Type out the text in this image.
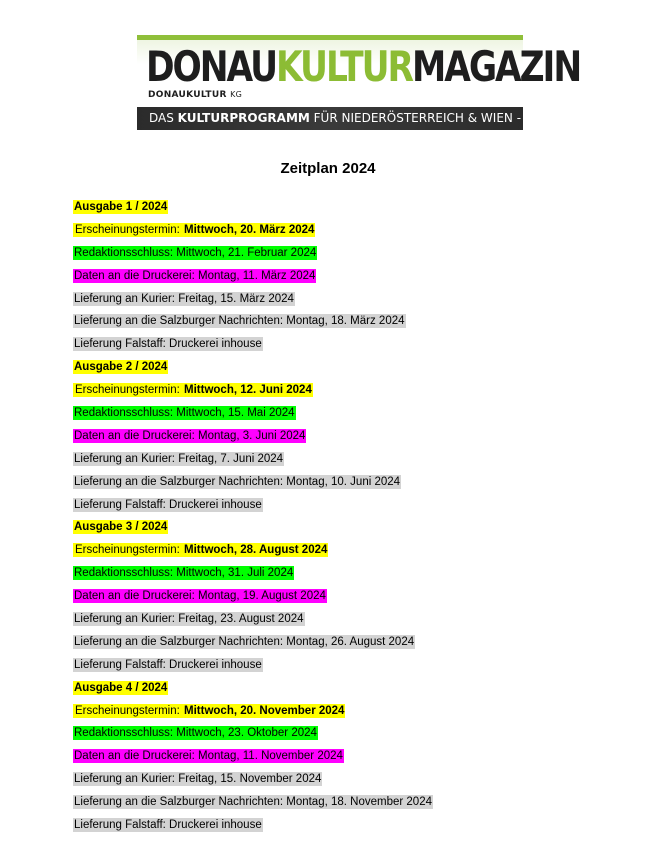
DONAUKULTURMAGAZIN
DONAUKULTUR KG
DAS KULTURPROGRAMM FÜR NIEDERÖSTERREICH & WIEN -
Zeitplan 2024
Ausgabe 1 / 2024
Erscheinungstermin: Mittwoch, 20. März 2024
Redaktionsschluss: Mittwoch, 21. Februar 2024
Daten an die Druckerei: Montag, 11. März 2024
Lieferung an Kurier: Freitag, 15. März 2024
Lieferung an die Salzburger Nachrichten: Montag, 18. März 2024
Lieferung Falstaff: Druckerei inhouse
Ausgabe 2 / 2024
Erscheinungstermin: Mittwoch, 12. Juni 2024
Redaktionsschluss: Mittwoch, 15. Mai 2024
Daten an die Druckerei: Montag, 3. Juni 2024
Lieferung an Kurier: Freitag, 7. Juni 2024
Lieferung an die Salzburger Nachrichten: Montag, 10. Juni 2024
Lieferung Falstaff: Druckerei inhouse
Ausgabe 3 / 2024
Erscheinungstermin: Mittwoch, 28. August 2024
Redaktionsschluss: Mittwoch, 31. Juli 2024
Daten an die Druckerei: Montag, 19. August 2024
Lieferung an Kurier: Freitag, 23. August 2024
Lieferung an die Salzburger Nachrichten: Montag, 26. August 2024
Lieferung Falstaff: Druckerei inhouse
Ausgabe 4 / 2024
Erscheinungstermin: Mittwoch, 20. November 2024
Redaktionsschluss: Mittwoch, 23. Oktober 2024
Daten an die Druckerei: Montag, 11. November 2024
Lieferung an Kurier: Freitag, 15. November 2024
Lieferung an die Salzburger Nachrichten: Montag, 18. November 2024
Lieferung Falstaff: Druckerei inhouse
